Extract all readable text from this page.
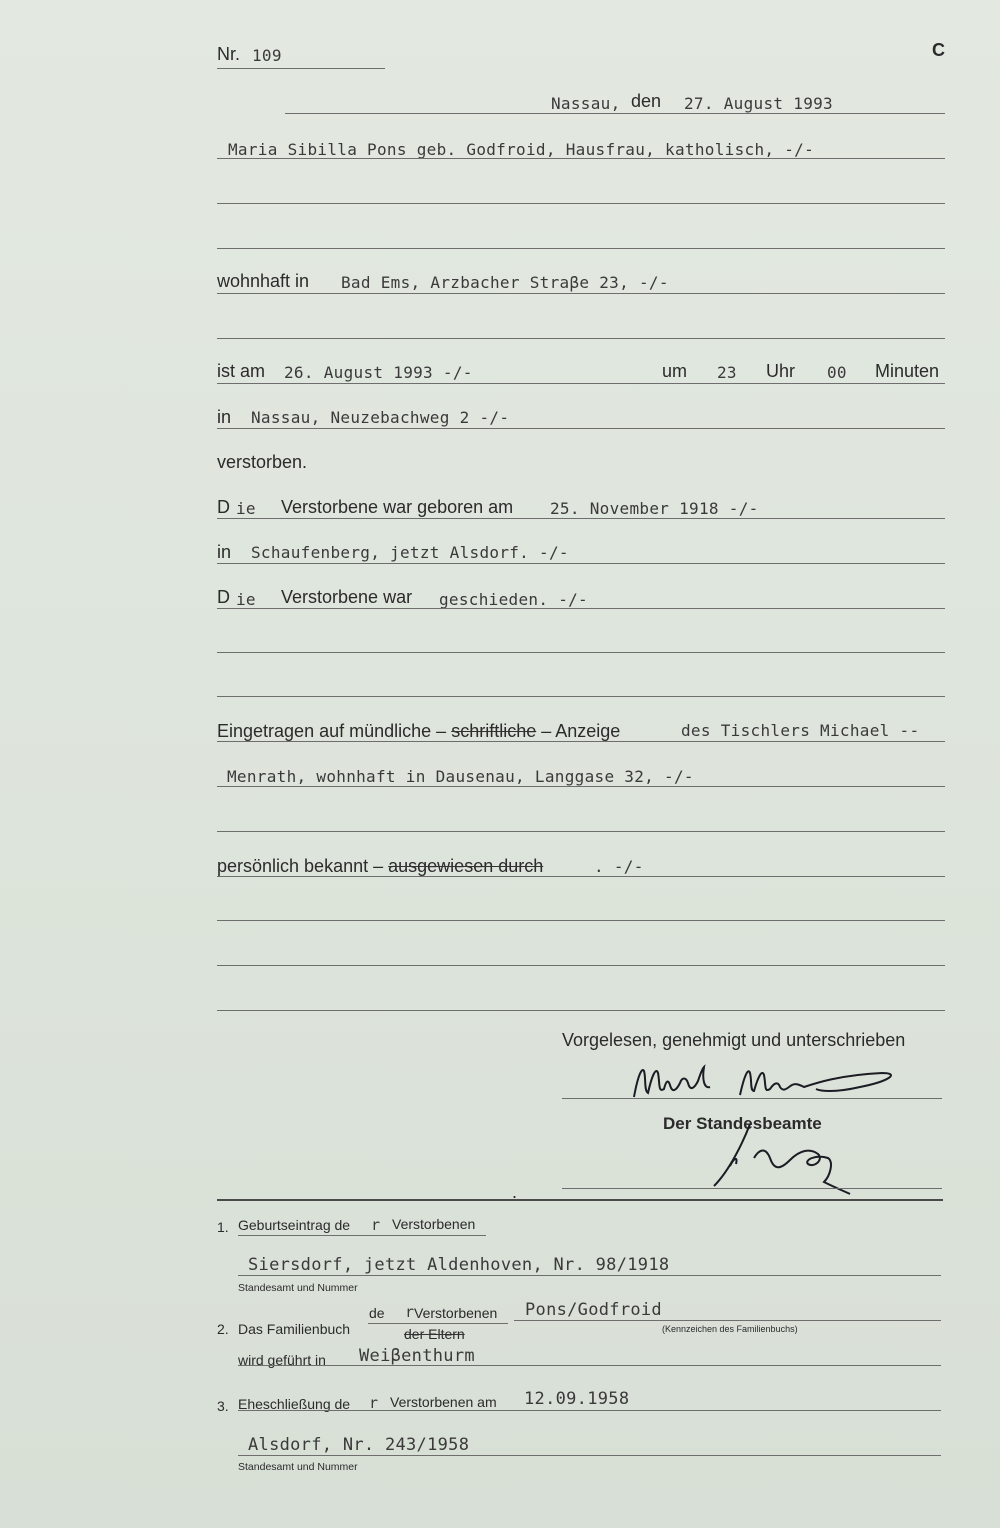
Nr. 109	C
Nassau, den 27. August 1993
Maria Sibilla Pons geb. Godfroid, Hausfrau, katholisch, -/-
wohnhaft in Bad Ems, Arzbacher Straβe 23, -/-
ist am 26. August 1993 -/-	um 23 Uhr 00 Minuten
in Nassau, Neuzebachweg 2 -/-
verstorben.
D ie Verstorbene war geboren am 25. November 1918 -/-
in Schaufenberg, jetzt Alsdorf. -/-
D ie Verstorbene war geschieden. -/-
Eingetragen auf mündliche – schriftliche – Anzeige	des Tischlers Michael --
Menrath, wohnhaft in Dausenau, Langgase 32, -/-
persönlich bekannt – ausgewiesen durch	. -/-
Vorgelesen, genehmigt und unterschrieben
Der Standesbeamte
.
1. Geburtseintrag de r Verstorbenen
Siersdorf, jetzt Aldenhoven, Nr. 98/1918
Standesamt und Nummer
2. Das Familienbuch
de r Verstorbenen
der Eltern
Pons/Godfroid
(Kennzeichen des Familienbuchs)
wird geführt in Weiβenthurm
3. Eheschließung de r Verstorbenen am 12.09.1958
Alsdorf, Nr. 243/1958
Standesamt und Nummer
